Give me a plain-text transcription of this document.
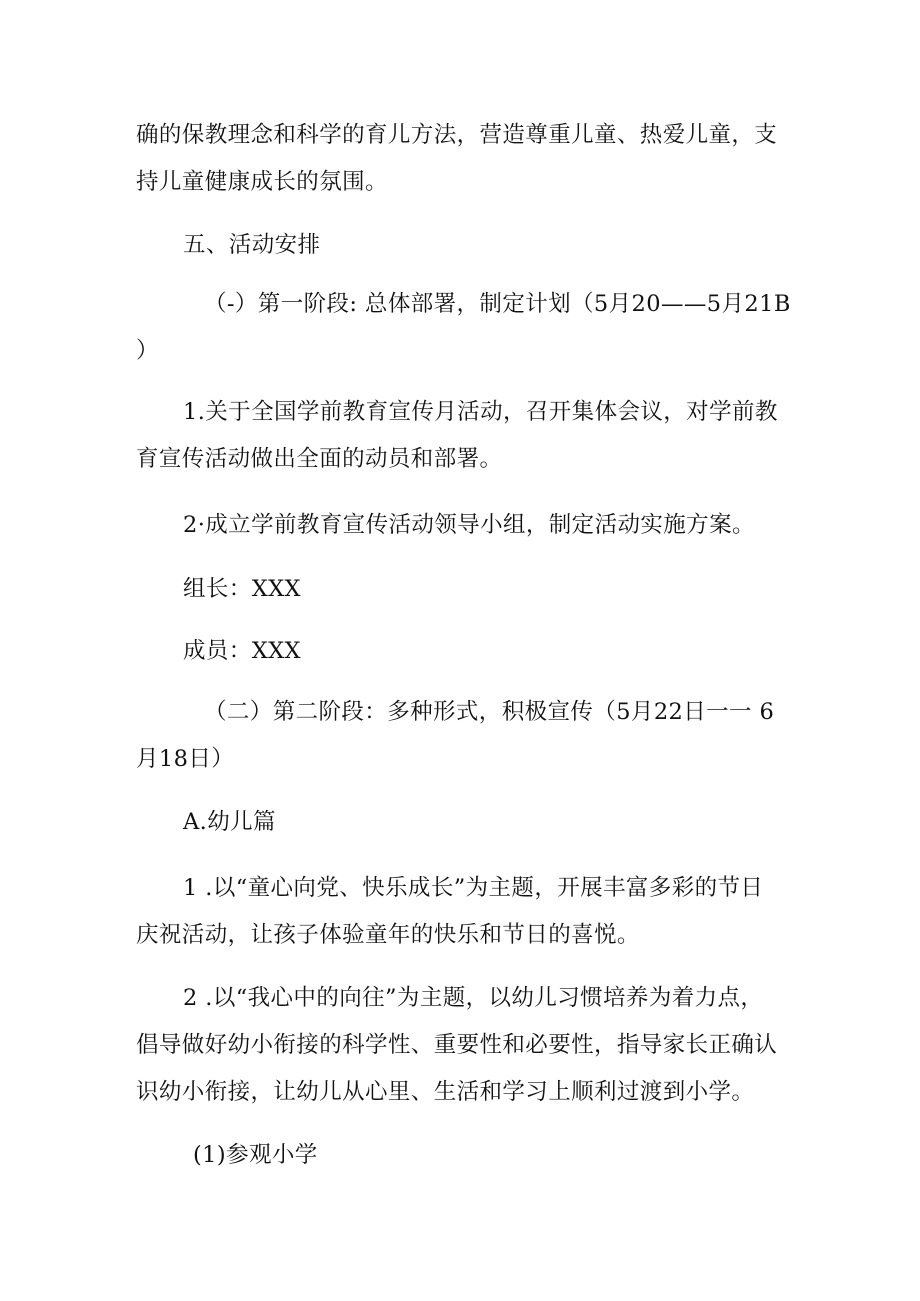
确的保教理念和科学的育儿方法，营造尊重儿童、热爱儿童，支
持儿童健康成长的氛围。
五、活动安排
（-）第一阶段: 总体部署，制定计划（5月20——5月21B
）
1.关于全国学前教育宣传月活动，召开集体会议，对学前教
育宣传活动做出全面的动员和部署。
2·成立学前教育宣传活动领导小组，制定活动实施方案。
组长：XXX
成员：XXX
（二）第二阶段：多种形式，积极宣传（5月22日一一 6
月18日）
A.幼儿篇
1 .以“童心向党、快乐成长”为主题，开展丰富多彩的节日
庆祝活动，让孩子体验童年的快乐和节日的喜悦。
2 .以“我心中的向往”为主题，以幼儿习惯培养为着力点，
倡导做好幼小衔接的科学性、重要性和必要性，指导家长正确认
识幼小衔接，让幼儿从心里、生活和学习上顺利过渡到小学。
(1)参观小学
